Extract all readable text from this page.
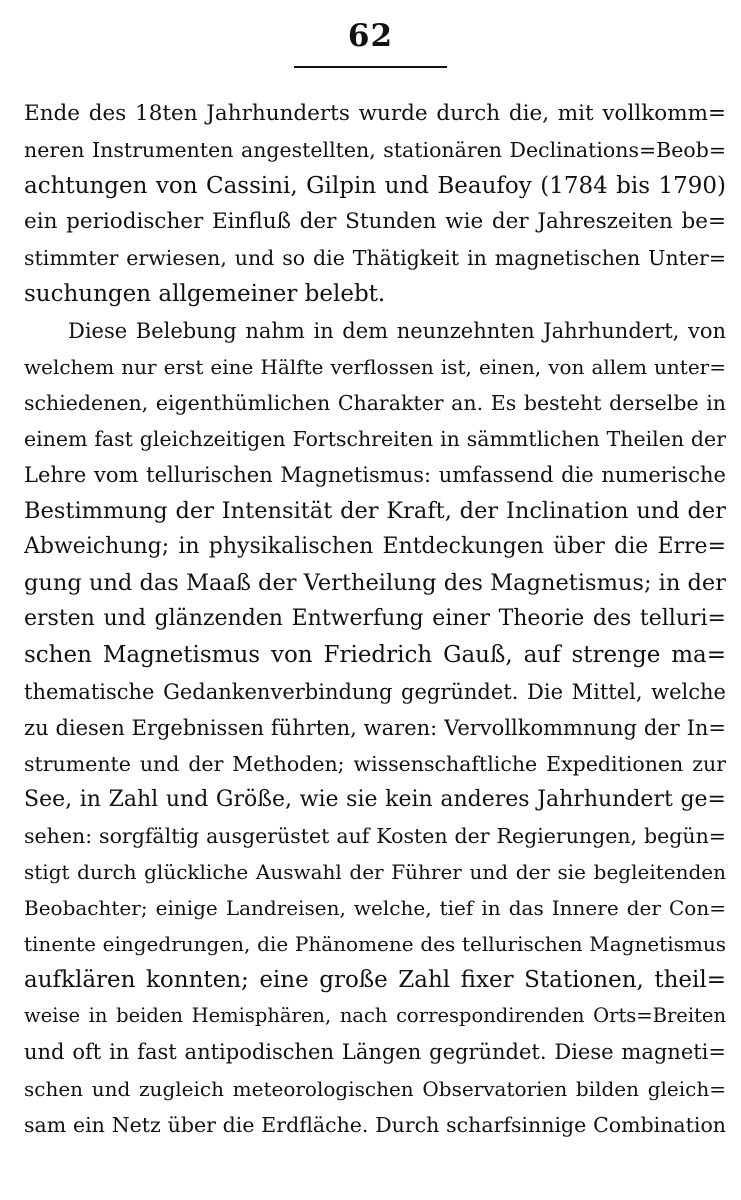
62
Ende des 18ten Jahrhunderts wurde durch die, mit vollkomm=
neren Instrumenten angestellten, stationären Declinations=Beob=
achtungen von Cassini, Gilpin und Beaufoy (1784 bis 1790)
ein periodischer Einfluß der Stunden wie der Jahreszeiten be=
stimmter erwiesen, und so die Thätigkeit in magnetischen Unter=
suchungen allgemeiner belebt.
Diese Belebung nahm in dem neunzehnten Jahrhundert, von
welchem nur erst eine Hälfte verflossen ist, einen, von allem unter=
schiedenen, eigenthümlichen Charakter an. Es besteht derselbe in
einem fast gleichzeitigen Fortschreiten in sämmtlichen Theilen der
Lehre vom tellurischen Magnetismus: umfassend die numerische
Bestimmung der Intensität der Kraft, der Inclination und der
Abweichung; in physikalischen Entdeckungen über die Erre=
gung und das Maaß der Vertheilung des Magnetismus; in der
ersten und glänzenden Entwerfung einer Theorie des tellurі=
schen Magnetismus von Friedrich Gauß, auf strenge ma=
thematische Gedankenverbindung gegründet. Die Mittel, welche
zu diesen Ergebnissen führten, waren: Vervollkommnung der In=
strumente und der Methoden; wissenschaftliche Expeditionen zur
See, in Zahl und Größe, wie sie kein anderes Jahrhundert ge=
sehen: sorgfältig ausgerüstet auf Kosten der Regierungen, begün=
stigt durch glückliche Auswahl der Führer und der sie begleitenden
Beobachter; einige Landreisen, welche, tief in das Innere der Con=
tinente eingedrungen, die Phänomene des tellurischen Magnetismus
aufklären konnten; eine große Zahl fixer Stationen, theil=
weise in beiden Hemisphären, nach correspondirenden Orts=Breiten
und oft in fast antipodischen Längen gegründet. Diese magneti=
schen und zugleich meteorologischen Observatorien bilden gleich=
sam ein Netz über die Erdfläche. Durch scharfsinnige Combination
